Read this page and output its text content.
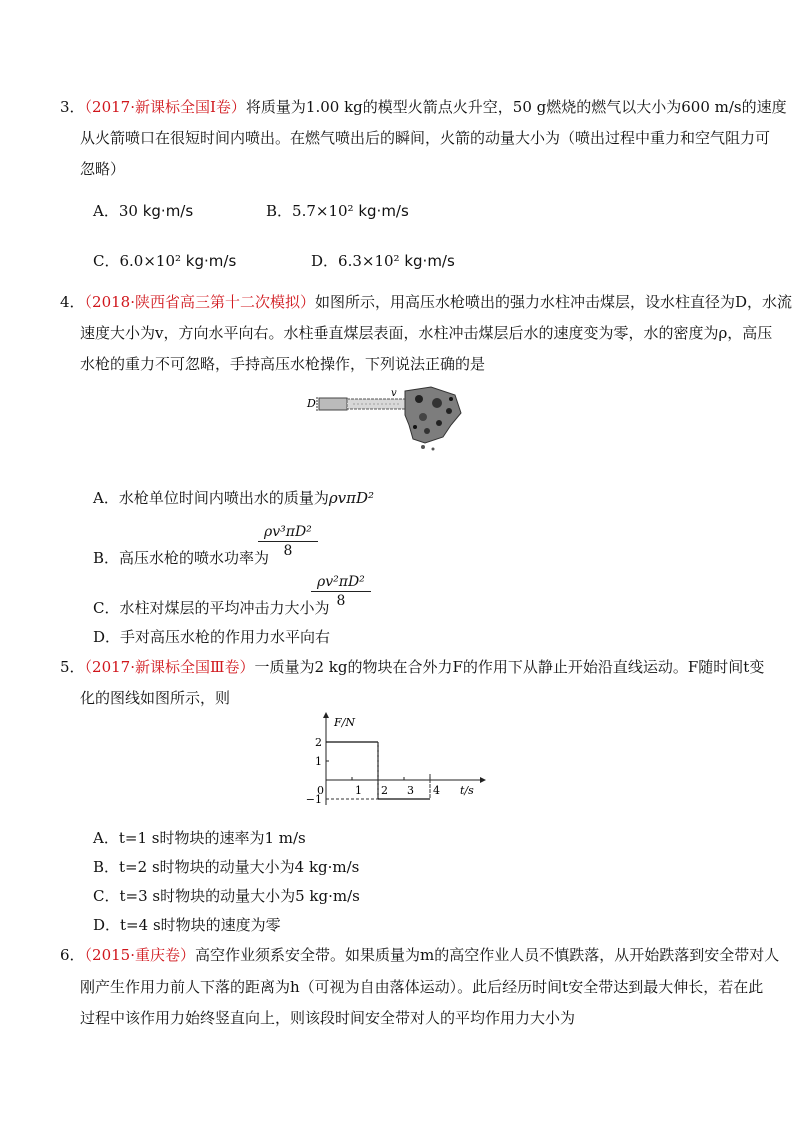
3．（2017·新课标全国Ⅰ卷）将质量为1.00 kg的模型火箭点火升空，50 g燃烧的燃气以大小为600 m/s的速度
从火箭喷口在很短时间内喷出。在燃气喷出后的瞬间，火箭的动量大小为（喷出过程中重力和空气阻力可
忽略）
A．30 kg·m/s	B．5.7×10² kg·m/s
C．6.0×10² kg·m/s	D．6.3×10² kg·m/s
4．（2018·陕西省高三第十二次模拟）如图所示，用高压水枪喷出的强力水柱冲击煤层，设水柱直径为D，水流
速度大小为v，方向水平向右。水柱垂直煤层表面，水柱冲击煤层后水的速度变为零，水的密度为ρ，高压
水枪的重力不可忽略，手持高压水枪操作，下列说法正确的是
D
v
A．水枪单位时间内喷出水的质量为ρvπD²
B．高压水枪的喷水功率为
$\frac{\text{ρv³πD²}}{8}$
C．水柱对煤层的平均冲击力大小为
$\frac{\text{ρv²πD²}}{8}$
D．手对高压水枪的作用力水平向右
5．（2017·新课标全国Ⅲ卷）一质量为2 kg的物块在合外力F的作用下从静止开始沿直线运动。F随时间t变
化的图线如图所示，则
F/N
t/s
0	1 2 3 4
2
1
−1
A．t=1 s时物块的速率为1 m/s
B．t=2 s时物块的动量大小为4 kg·m/s
C．t=3 s时物块的动量大小为5 kg·m/s
D．t=4 s时物块的速度为零
6．（2015·重庆卷）高空作业须系安全带。如果质量为m的高空作业人员不慎跌落，从开始跌落到安全带对人
刚产生作用力前人下落的距离为h（可视为自由落体运动）。此后经历时间t安全带达到最大伸长，若在此
过程中该作用力始终竖直向上，则该段时间安全带对人的平均作用力大小为
